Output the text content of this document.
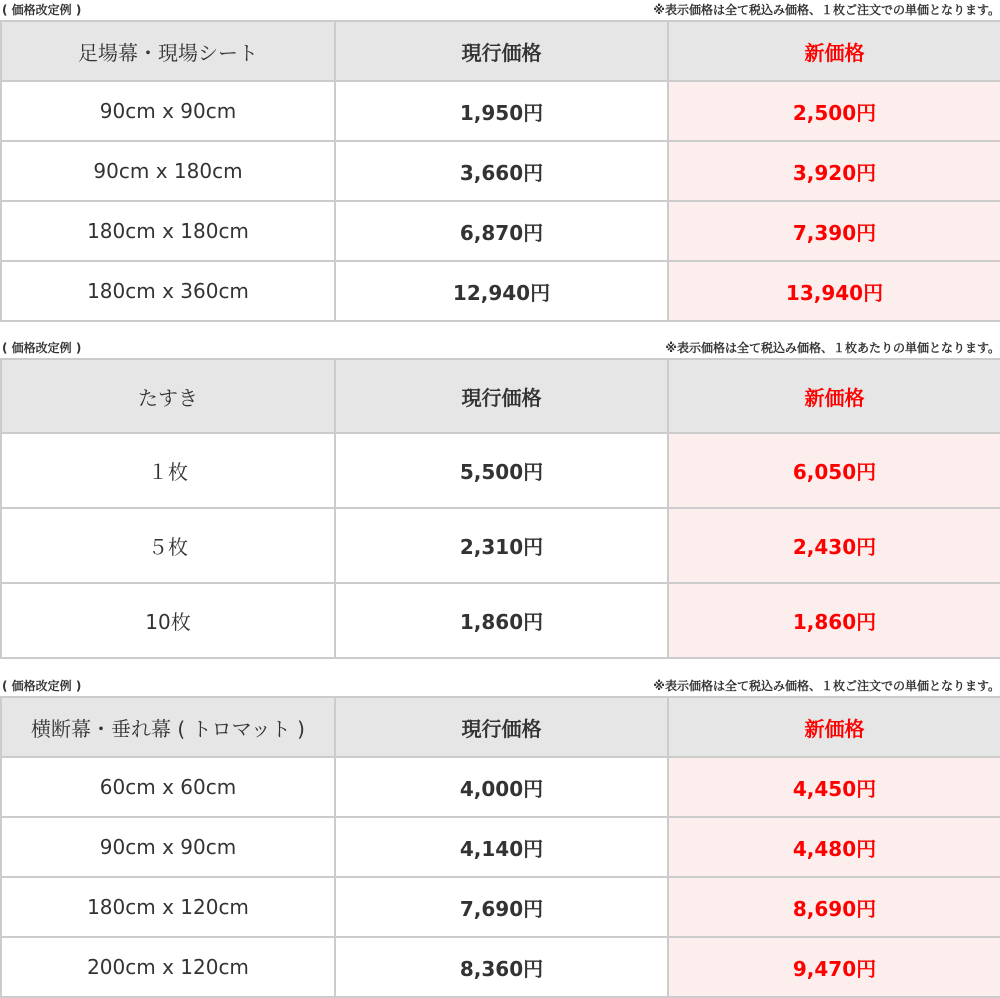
( 価格改定例 )	※表示価格は全て税込み価格、１枚ご注文での単価となります。
足場幕・現場シート	現行価格	新価格
90cm x 90cm	1,950円	2,500円
90cm x 180cm	3,660円	3,920円
180cm x 180cm	6,870円	7,390円
180cm x 360cm	12,940円	13,940円
( 価格改定例 )	※表示価格は全て税込み価格、１枚あたりの単価となります。
たすき	現行価格	新価格
１枚	5,500円	6,050円
５枚	2,310円	2,430円
10枚	1,860円	1,860円
( 価格改定例 )	※表示価格は全て税込み価格、１枚ご注文での単価となります。
横断幕・垂れ幕 ( トロマット )	現行価格	新価格
60cm x 60cm	4,000円	4,450円
90cm x 90cm	4,140円	4,480円
180cm x 120cm	7,690円	8,690円
200cm x 120cm	8,360円	9,470円
